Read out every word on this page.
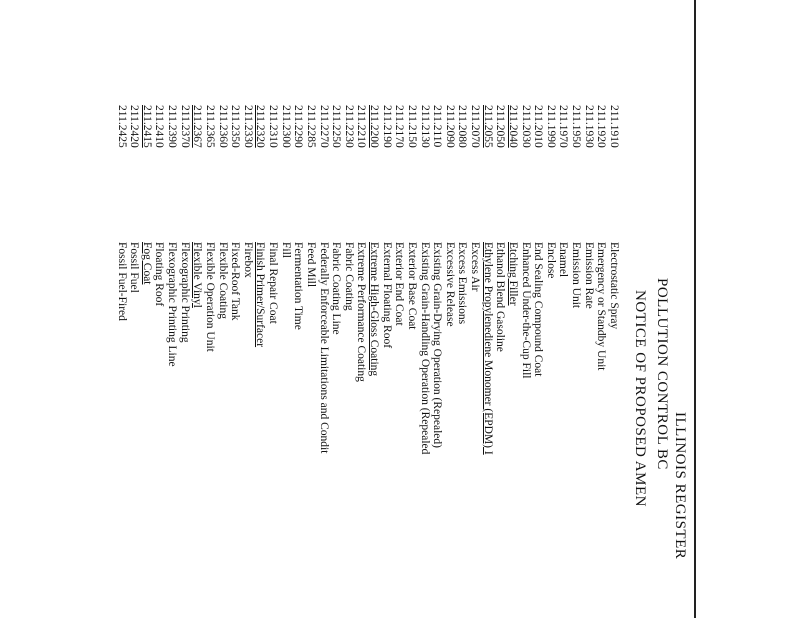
ILLINOIS REGISTER
POLLUTION CONTROL BC
NOTICE OF PROPOSED AMEN
211.1910
Electrostatic Spray
211.1920
Emergency or Standby Unit
211.1930
Emission Rate
211.1950
Emission Unit
211.1970
Enamel
211.1990
Enclose
211.2010
End Sealing Compound Coat
211.2030
Enhanced Under-the-Cup Fill
211.2040
Etching Filler
211.2050
Ethanol Blend Gasoline
211.2055
Ethylene Propylenediene Monomer (EPDM) I
211.2070
Excess Air
211.2080
Excess Emissions
211.2090
Excessive Release
211.2110
Existing Grain-Drying Operation (Repealed)
211.2130
Existing Grain-Handling Operation (Repealed
211.2150
Exterior Base Coat
211.2170
Exterior End Coat
211.2190
External Floating Roof
211.2200
Extreme High-Gloss Coating
211.2210
Extreme Performance Coating
211.2230
Fabric Coating
211.2250
Fabric Coating Line
211.2270
Federally Enforceable Limitations and Condit
211.2285
Feed Mill
211.2290
Fermentation Time
211.2300
Fill
211.2310
Final Repair Coat
211.2320
Finish Primer/Surfacer
211.2330
Firebox
211.2350
Fixed-Roof Tank
211.2360
Flexible Coating
211.2365
Flexible Operation Unit
211.2367
Flexible Vinyl
211.2370
Flexographic Printing
211.2390
Flexographic Printing Line
211.2410
Floating Roof
211.2415
Fog Coat
211.2420
Fossil Fuel
211.2425
Fossil Fuel-Fired
